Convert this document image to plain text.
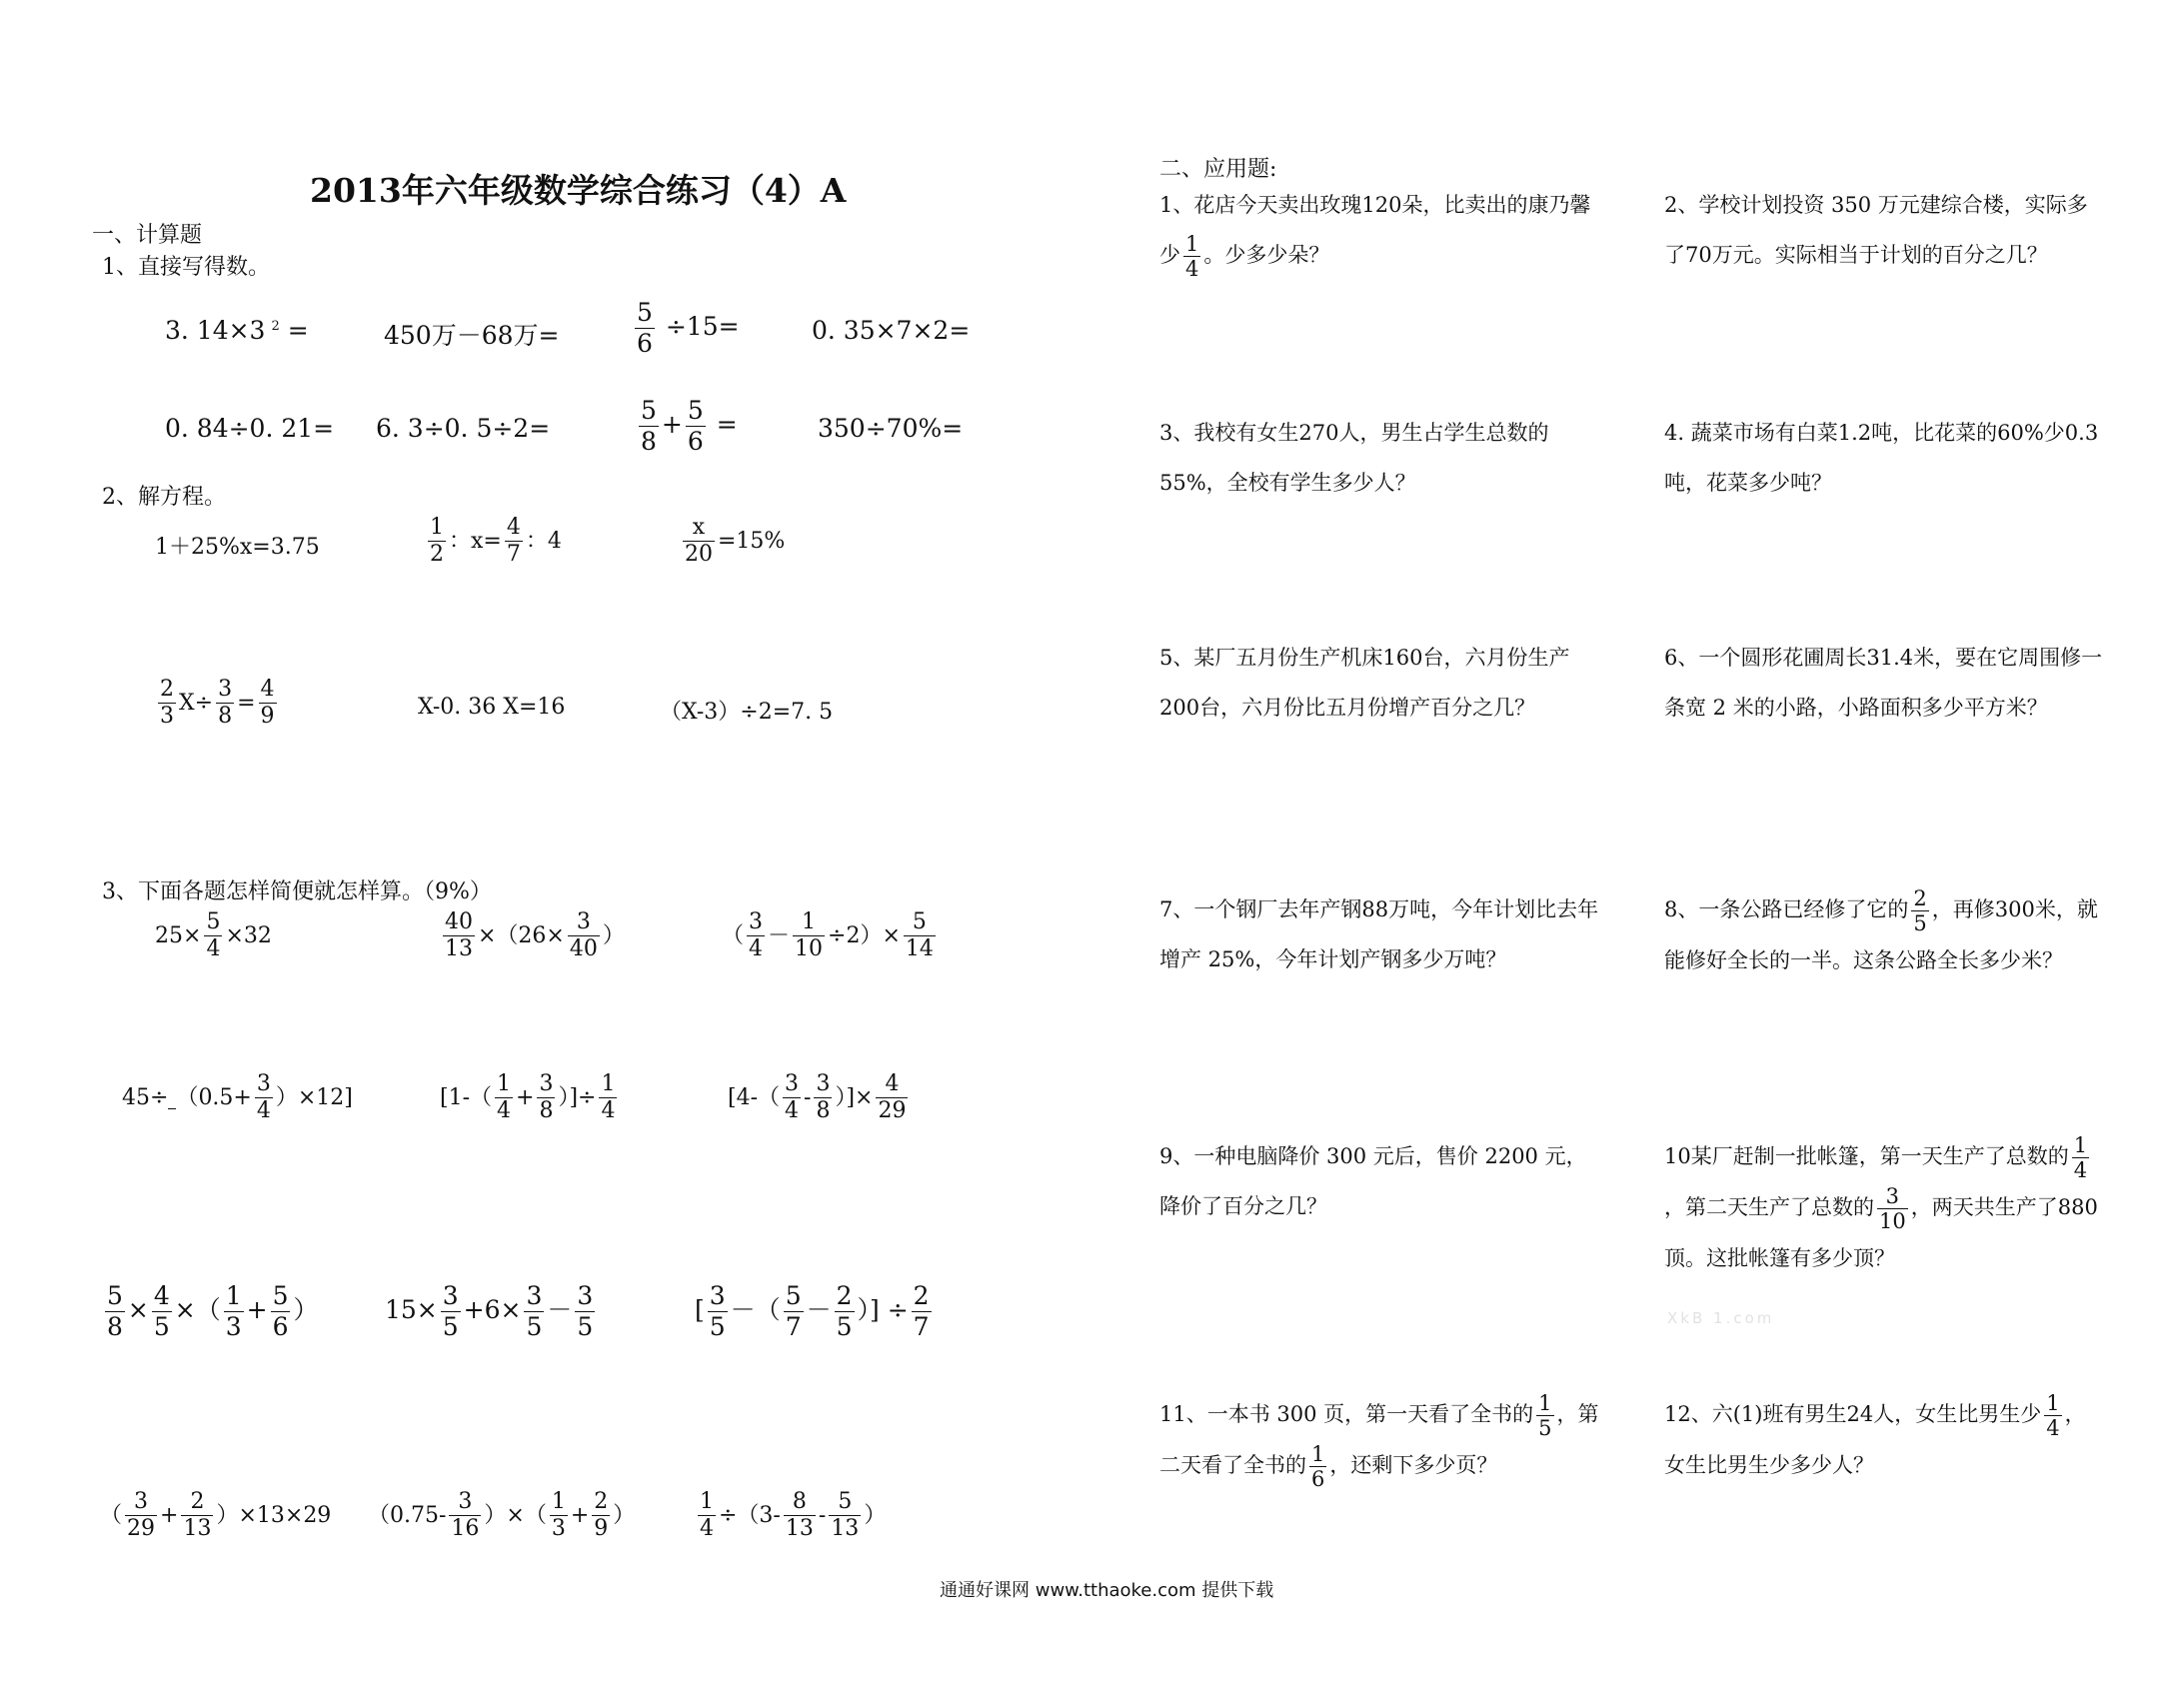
2013年六年级数学综合练习（4）A
一、计算题
1、直接写得数。
3. 14×3 $^2$ =	450万－68万=	$\frac{5}{6} \div 15=$	0. 35×7×2=
0. 84÷0. 21= 6. 3÷0. 5÷2=	$\frac{5}{8} + \frac{5}{6}$ =	350÷70%=
2、解方程。
1＋25%x=3.75	$\frac{1}{2}$ ：$x= \frac{4}{7}$ ：4	$\frac{x}{20} =15\%$
$\frac{2}{3} X\div \frac{3}{8} = \frac{4}{9}$	X-0. 36 X=16	（X-3）÷2=7. 5
3、下面各题怎样简便就怎样算。（9%）
$25\times \frac{5}{4} \times 32$	$\frac{40}{13} \times(26\times \frac{3}{40}$ ）	（ $\frac{3}{4} - \frac{1}{10} \div 2)\times \frac{5}{14}$
$45\div (0.5+ \frac{3}{4} )\times 12$]	[$1-( \frac{1}{4} + \frac{3}{8}$ ）]÷ $\frac{1}{4}$	[$4-( \frac{3}{4} - \frac{3}{8}$ ）]× $\frac{4}{29}$
$\frac{5}{8} \times \frac{4}{5}$ ×（ $\frac{1}{3} + \frac{5}{6}$ ）	$15\times \frac{3}{5} +6\times \frac{3}{5} - \frac{3}{5}$	[ $\frac{3}{5}$ －（ $\frac{5}{7} - \frac{2}{5}$ ）] ÷ $\frac{2}{7}$
（ $\frac{3}{29} + \frac{2}{13} )\times 13\times 29$ （$0.75- \frac{3}{16}$ ）×（ $\frac{1}{3} + \frac{2}{9}$ ）	$\frac{1}{4} \div(3- \frac{8}{13} - \frac{5}{13}$ ）
二、应用题:
1、花店今天卖出玫瑰120朵，比卖出的康乃馨少 $\frac{1}{4}$ 。少多少朵？
2、学校计划投资 350 万元建综合楼，实际多了70万元。实际相当于计划的百分之几？
3、我校有女生270人，男生占学生总数的55%，全校有学生多少人？
4. 蔬菜市场有白菜1.2吨，比花菜的60%少0.3吨，花菜多少吨？
5、某厂五月份生产机床160台，六月份生产200台，六月份比五月份增产百分之几？
6、一个圆形花圃周长31.4米，要在它周围修一条宽 2 米的小路，小路面积多少平方米？
7、一个钢厂去年产钢88万吨，今年计划比去年增产 25%，今年计划产钢多少万吨？
8、一条公路已经修了它的 $\frac{2}{5}$ ，再修300米，就能修好全长的一半。这条公路全长多少米？
9、一种电脑降价 300 元后，售价 2200 元，降价了百分之几？
10某厂赶制一批帐篷，第一天生产了总数的 $\frac{1}{4}$
，第二天生产了总数的 $\frac{3}{10}$ ，两天共生产了880顶。这批帐篷有多少顶？
XkB 1.com
11、一本书 300 页，第一天看了全书的 $\frac{1}{5}$ ，第二天看了全书的 $\frac{1}{6}$ ，还剩下多少页？
12、六(1)班有男生24人，女生比男生少 $\frac{1}{4}$ ，女生比男生少多少人？
通通好课网 www.tthaoke.com 提供下载
